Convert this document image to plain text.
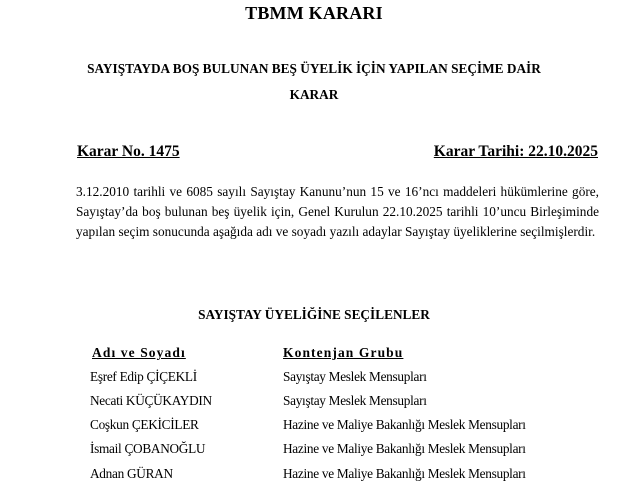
TBMM KARARI
SAYIŞTAYDA BOŞ BULUNAN BEŞ ÜYELİK İÇİN YAPILAN SEÇİME DAİR
KARAR
Karar No. 1475	Karar Tarihi: 22.10.2025
3.12.2010 tarihli ve 6085 sayılı Sayıştay Kanunu’nun 15 ve 16’ncı maddeleri hükümlerine göre, Sayıştay’da boş bulunan beş üyelik için, Genel Kurulun 22.10.2025 tarihli 10’uncu Birleşiminde yapılan seçim sonucunda aşağıda adı ve soyadı yazılı adaylar Sayıştay üyeliklerine seçilmişlerdir.
SAYIŞTAY ÜYELİĞİNE SEÇİLENLER
Adı ve Soyadı	Kontenjan Grubu
Eşref Edip ÇİÇEKLİ	Sayıştay Meslek Mensupları
Necati KÜÇÜKAYDIN	Sayıştay Meslek Mensupları
Coşkun ÇEKİCİLER	Hazine ve Maliye Bakanlığı Meslek Mensupları
İsmail ÇOBANOĞLU	Hazine ve Maliye Bakanlığı Meslek Mensupları
Adnan GÜRAN	Hazine ve Maliye Bakanlığı Meslek Mensupları
